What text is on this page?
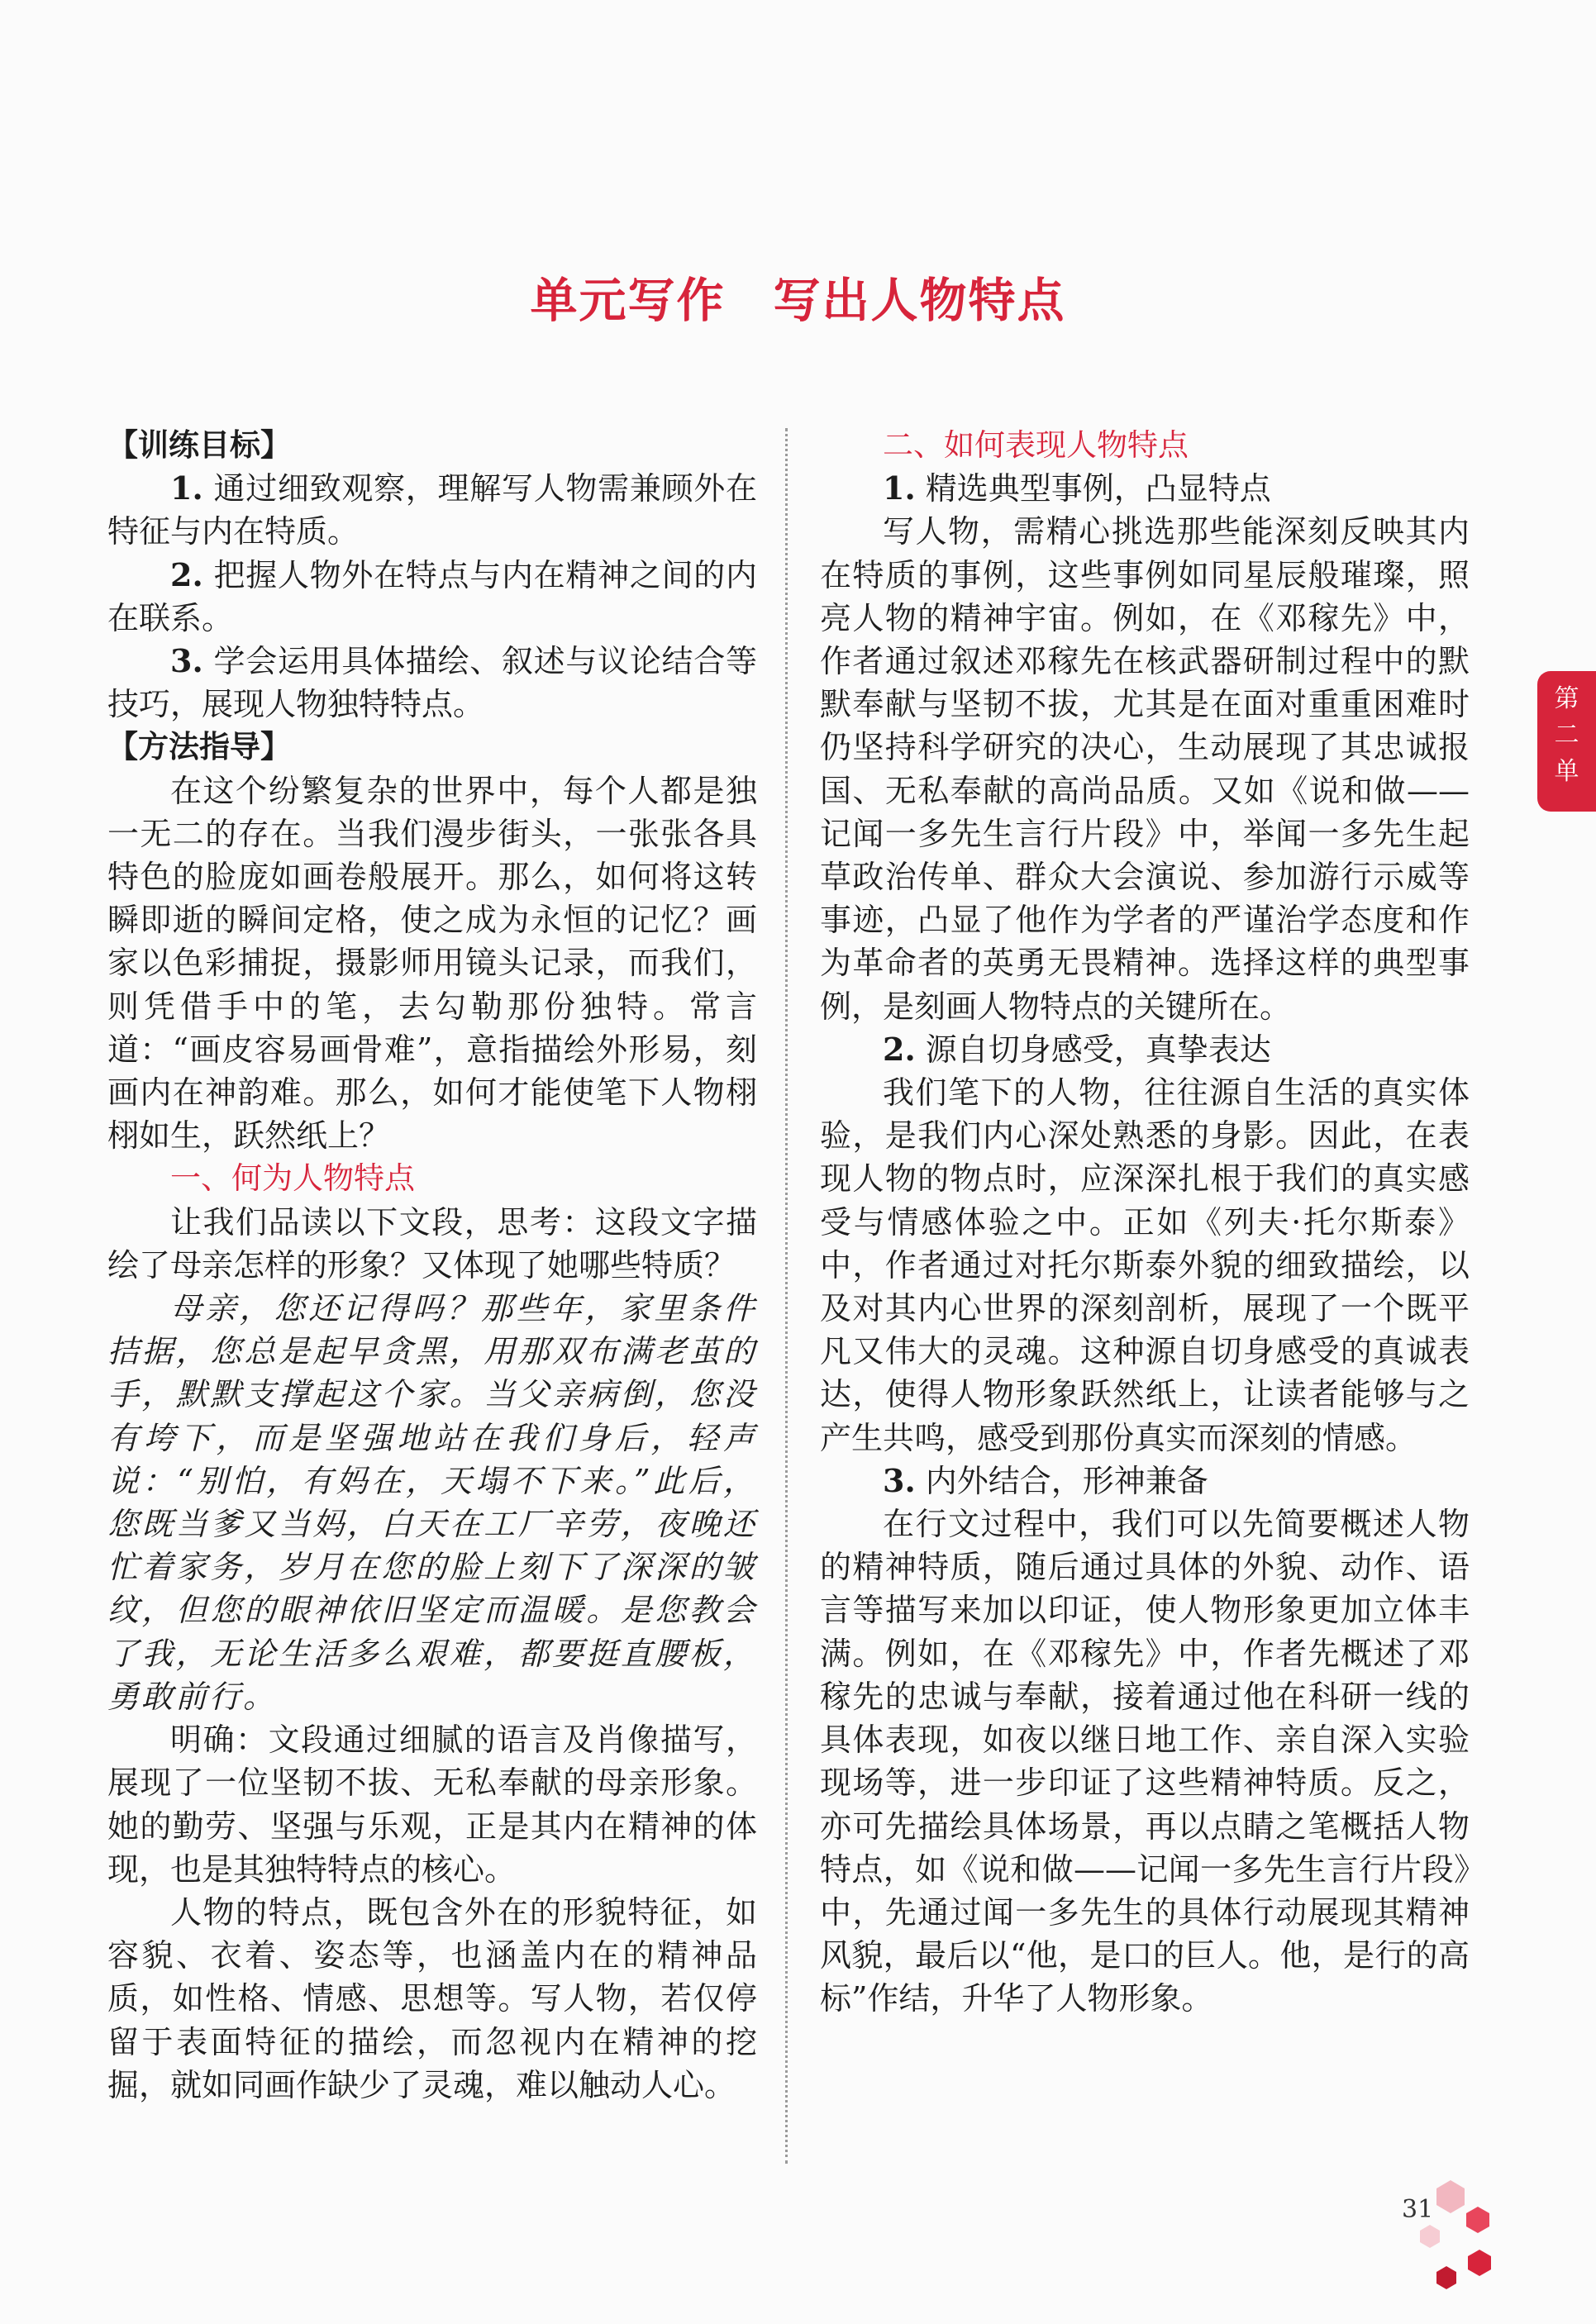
单元写作 写出人物特点

【训练目标】

1. 通过细致观察，理解写人物需兼顾外在特征与内在特质。

2. 把握人物外在特点与内在精神之间的内在联系。

3. 学会运用具体描绘、叙述与议论结合等技巧，展现人物独特特点。

【方法指导】

在这个纷繁复杂的世界中，每个人都是独一无二的存在。当我们漫步街头，一张张各具特色的脸庞如画卷般展开。那么，如何将这转瞬即逝的瞬间定格，使之成为永恒的记忆？画家以色彩捕捉，摄影师用镜头记录，而我们，则凭借手中的笔，去勾勒那份独特。常言道：“画皮容易画骨难”，意指描绘外形易，刻画内在神韵难。那么，如何才能使笔下人物栩栩如生，跃然纸上？

一、何为人物特点

让我们品读以下文段，思考：这段文字描绘了母亲怎样的形象？又体现了她哪些特质？

母亲，您还记得吗？那些年，家里条件拮据，您总是起早贪黑，用那双布满老茧的手，默默支撑起这个家。当父亲病倒，您没有垮下，而是坚强地站在我们身后，轻声说：“别怕，有妈在，天塌不下来。”此后，您既当爹又当妈，白天在工厂辛劳，夜晚还忙着家务，岁月在您的脸上刻下了深深的皱纹，但您的眼神依旧坚定而温暖。是您教会了我，无论生活多么艰难，都要挺直腰板，勇敢前行。

明确：文段通过细腻的语言及肖像描写，展现了一位坚韧不拔、无私奉献的母亲形象。她的勤劳、坚强与乐观，正是其内在精神的体现，也是其独特特点的核心。

人物的特点，既包含外在的形貌特征，如容貌、衣着、姿态等，也涵盖内在的精神品质，如性格、情感、思想等。写人物，若仅停留于表面特征的描绘，而忽视内在精神的挖掘，就如同画作缺少了灵魂，难以触动人心。

二、如何表现人物特点

1. 精选典型事例，凸显特点

写人物，需精心挑选那些能深刻反映其内在特质的事例，这些事例如同星辰般璀璨，照亮人物的精神宇宙。例如，在《邓稼先》中，作者通过叙述邓稼先在核武器研制过程中的默默奉献与坚韧不拔，尤其是在面对重重困难时仍坚持科学研究的决心，生动展现了其忠诚报国、无私奉献的高尚品质。又如《说和做——记闻一多先生言行片段》中，举闻一多先生起草政治传单、群众大会演说、参加游行示威等事迹，凸显了他作为学者的严谨治学态度和作为革命者的英勇无畏精神。选择这样的典型事例，是刻画人物特点的关键所在。

2. 源自切身感受，真挚表达

我们笔下的人物，往往源自生活的真实体验，是我们内心深处熟悉的身影。因此，在表现人物的物点时，应深深扎根于我们的真实感受与情感体验之中。正如《列夫·托尔斯泰》中，作者通过对托尔斯泰外貌的细致描绘，以及对其内心世界的深刻剖析，展现了一个既平凡又伟大的灵魂。这种源自切身感受的真诚表达，使得人物形象跃然纸上，让读者能够与之产生共鸣，感受到那份真实而深刻的情感。

3. 内外结合，形神兼备

在行文过程中，我们可以先简要概述人物的精神特质，随后通过具体的外貌、动作、语言等描写来加以印证，使人物形象更加立体丰满。例如，在《邓稼先》中，作者先概述了邓稼先的忠诚与奉献，接着通过他在科研一线的具体表现，如夜以继日地工作、亲自深入实验现场等，进一步印证了这些精神特质。反之，亦可先描绘具体场景，再以点睛之笔概括人物特点，如《说和做——记闻一多先生言行片段》中，先通过闻一多先生的具体行动展现其精神风貌，最后以“他，是口的巨人。他，是行的高标”作结，升华了人物形象。

第
二
单
31
